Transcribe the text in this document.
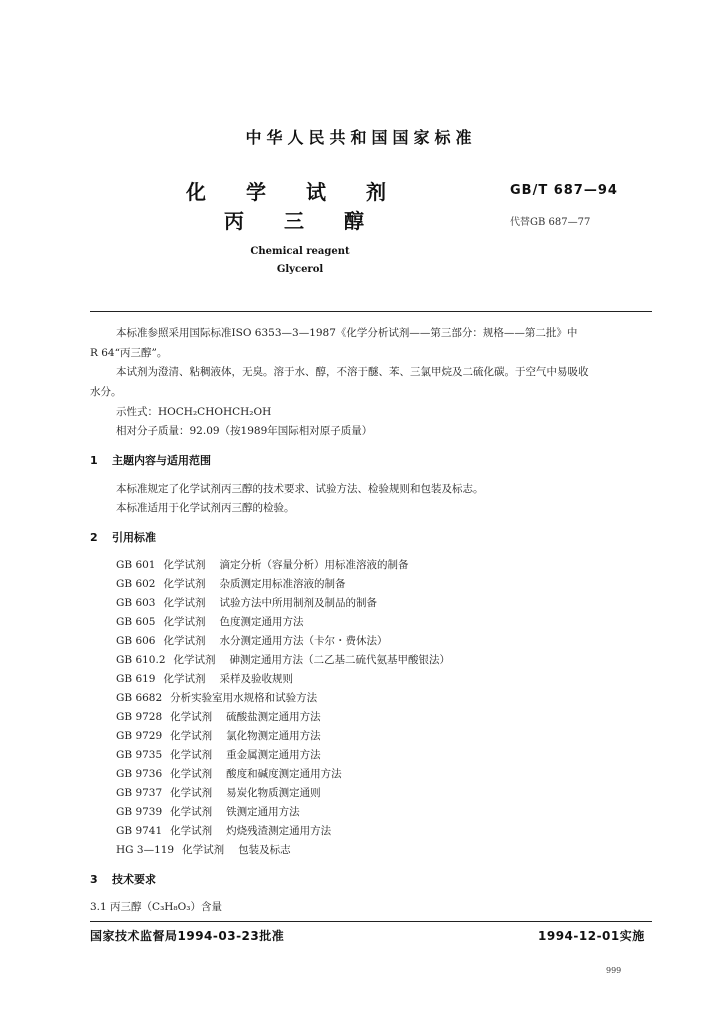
中华人民共和国国家标准
化学试剂
丙三醇
GB/T 687—94
代替GB 687—77
Chemical reagent
Glycerol
本标准参照采用国际标准ISO 6353—3—1987《化学分析试剂——第三部分：规格——第二批》中
R 64“丙三醇”。
本试剂为澄清、粘稠液体，无臭。溶于水、醇，不溶于醚、苯、三氯甲烷及二硫化碳。于空气中易吸收
水分。
示性式：HOCH₂CHOHCH₂OH
相对分子质量：92.09（按1989年国际相对原子质量）
1 主题内容与适用范围
本标准规定了化学试剂丙三醇的技术要求、试验方法、检验规则和包装及标志。
本标准适用于化学试剂丙三醇的检验。
2 引用标准
GB 601 化学试剂 滴定分析（容量分析）用标准溶液的制备
GB 602 化学试剂 杂质测定用标准溶液的制备
GB 603 化学试剂 试验方法中所用制剂及制品的制备
GB 605 化学试剂 色度测定通用方法
GB 606 化学试剂 水分测定通用方法（卡尔・费休法）
GB 610.2 化学试剂 砷测定通用方法（二乙基二硫代氨基甲酸银法）
GB 619 化学试剂 采样及验收规则
GB 6682 分析实验室用水规格和试验方法
GB 9728 化学试剂 硫酸盐测定通用方法
GB 9729 化学试剂 氯化物测定通用方法
GB 9735 化学试剂 重金属测定通用方法
GB 9736 化学试剂 酸度和碱度测定通用方法
GB 9737 化学试剂 易炭化物质测定通则
GB 9739 化学试剂 铁测定通用方法
GB 9741 化学试剂 灼烧残渣测定通用方法
HG 3—119 化学试剂 包装及标志
3 技术要求
3.1 丙三醇（C₃H₈O₃）含量
国家技术监督局1994-03-23批准	1994-12-01实施
999
